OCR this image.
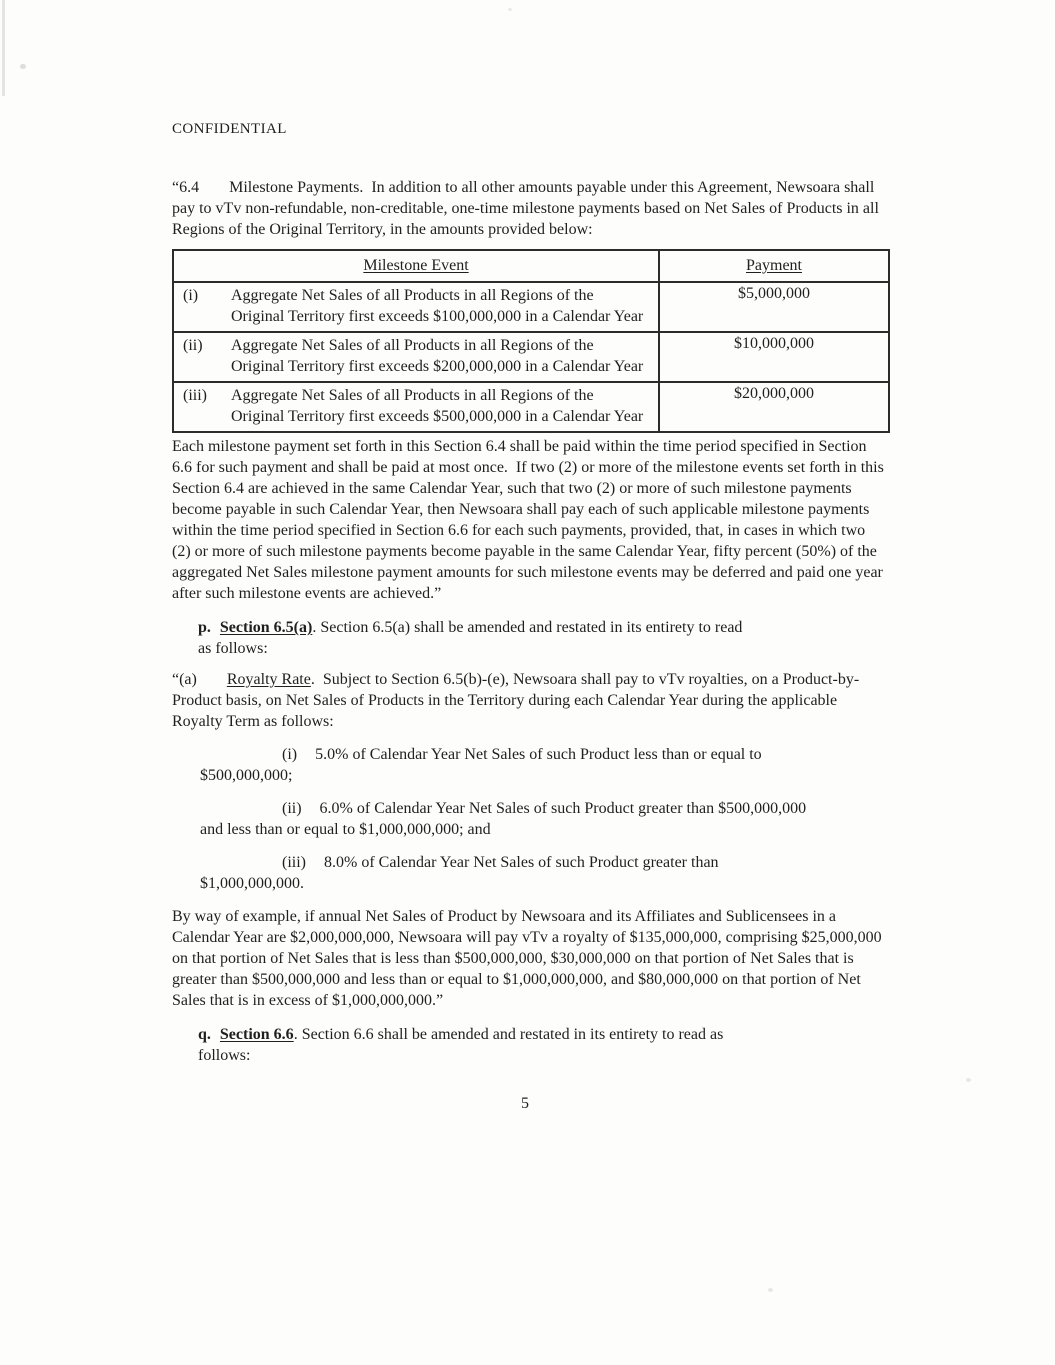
CONFIDENTIAL

“6.4 Milestone Payments.  In addition to all other amounts payable under this Agreement, Newsoara shall pay to vTv non-refundable, non-creditable, one-time milestone payments based on Net Sales of Products in all Regions of the Original Territory, in the amounts provided below:

Milestone Event	Payment

(i) Aggregate Net Sales of all Products in all Regions of the Original Territory first exceeds $100,000,000 in a Calendar Year	$5,000,000

(ii) Aggregate Net Sales of all Products in all Regions of the Original Territory first exceeds $200,000,000 in a Calendar Year	$10,000,000

(iii) Aggregate Net Sales of all Products in all Regions of the Original Territory first exceeds $500,000,000 in a Calendar Year	$20,000,000

Each milestone payment set forth in this Section 6.4 shall be paid within the time period specified in Section 6.6 for such payment and shall be paid at most once.  If two (2) or more of the milestone events set forth in this Section 6.4 are achieved in the same Calendar Year, such that two (2) or more of such milestone payments become payable in such Calendar Year, then Newsoara shall pay each of such applicable milestone payments within the time period specified in Section 6.6 for each such payments, provided, that, in cases in which two (2) or more of such milestone payments become payable in the same Calendar Year, fifty percent (50%) of the aggregated Net Sales milestone payment amounts for such milestone events may be deferred and paid one year after such milestone events are achieved.”

p. Section 6.5(a). Section 6.5(a) shall be amended and restated in its entirety to read
as follows:

“(a) Royalty Rate.  Subject to Section 6.5(b)-(e), Newsoara shall pay to vTv royalties, on a Product-by-Product basis, on Net Sales of Products in the Territory during each Calendar Year during the applicable Royalty Term as follows:

(i) 5.0% of Calendar Year Net Sales of such Product less than or equal to
$500,000,000;

(ii) 6.0% of Calendar Year Net Sales of such Product greater than $500,000,000
and less than or equal to $1,000,000,000; and

(iii) 8.0% of Calendar Year Net Sales of such Product greater than
$1,000,000,000.

By way of example, if annual Net Sales of Product by Newsoara and its Affiliates and Sublicensees in a Calendar Year are $2,000,000,000, Newsoara will pay vTv a royalty of $135,000,000, comprising $25,000,000 on that portion of Net Sales that is less than $500,000,000, $30,000,000 on that portion of Net Sales that is greater than $500,000,000 and less than or equal to $1,000,000,000, and $80,000,000 on that portion of Net Sales that is in excess of $1,000,000,000.”

q. Section 6.6. Section 6.6 shall be amended and restated in its entirety to read as
follows:

5
